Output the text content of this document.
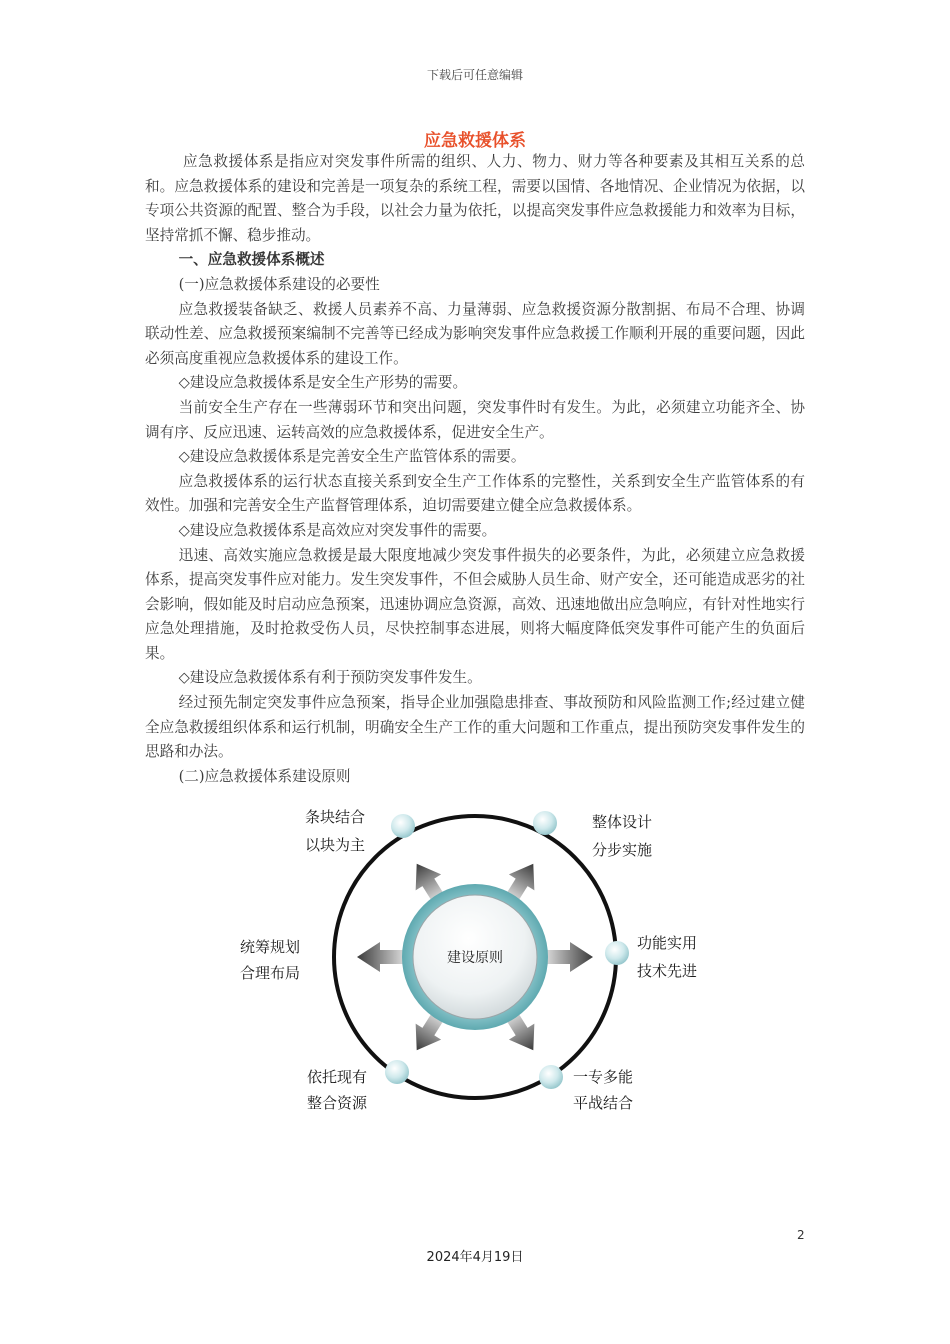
下载后可任意编辑
应急救援体系

应急救援体系是指应对突发事件所需的组织、人力、物力、财力等各种要素及其相互关系的总和。应急救援体系的建设和完善是一项复杂的系统工程，需要以国情、各地情况、企业情况为依据，以专项公共资源的配置、整合为手段，以社会力量为依托，以提高突发事件应急救援能力和效率为目标，坚持常抓不懈、稳步推动。

一、应急救援体系概述

(一)应急救援体系建设的必要性

应急救援装备缺乏、救援人员素养不高、力量薄弱、应急救援资源分散割据、布局不合理、协调联动性差、应急救援预案编制不完善等已经成为影响突发事件应急救援工作顺利开展的重要问题，因此必须高度重视应急救援体系的建设工作。

◇建设应急救援体系是安全生产形势的需要。

当前安全生产存在一些薄弱环节和突出问题，突发事件时有发生。为此，必须建立功能齐全、协调有序、反应迅速、运转高效的应急救援体系，促进安全生产。

◇建设应急救援体系是完善安全生产监管体系的需要。

应急救援体系的运行状态直接关系到安全生产工作体系的完整性，关系到安全生产监管体系的有效性。加强和完善安全生产监督管理体系，迫切需要建立健全应急救援体系。

◇建设应急救援体系是高效应对突发事件的需要。

迅速、高效实施应急救援是最大限度地减少突发事件损失的必要条件，为此，必须建立应急救援体系，提高突发事件应对能力。发生突发事件，不但会威胁人员生命、财产安全，还可能造成恶劣的社会影响，假如能及时启动应急预案，迅速协调应急资源，高效、迅速地做出应急响应，有针对性地实行应急处理措施，及时抢救受伤人员，尽快控制事态进展，则将大幅度降低突发事件可能产生的负面后果。

◇建设应急救援体系有利于预防突发事件发生。

经过预先制定突发事件应急预案，指导企业加强隐患排查、事故预防和风险监测工作;经过建立健全应急救援组织体系和运行机制，明确安全生产工作的重大问题和工作重点，提出预防突发事件发生的思路和办法。

(二)应急救援体系建设原则

建设原则
条块结合
以块为主
整体设计
分步实施
统筹规划
合理布局
功能实用
技术先进
依托现有
整合资源
一专多能
平战结合
2
2024年4月19日
